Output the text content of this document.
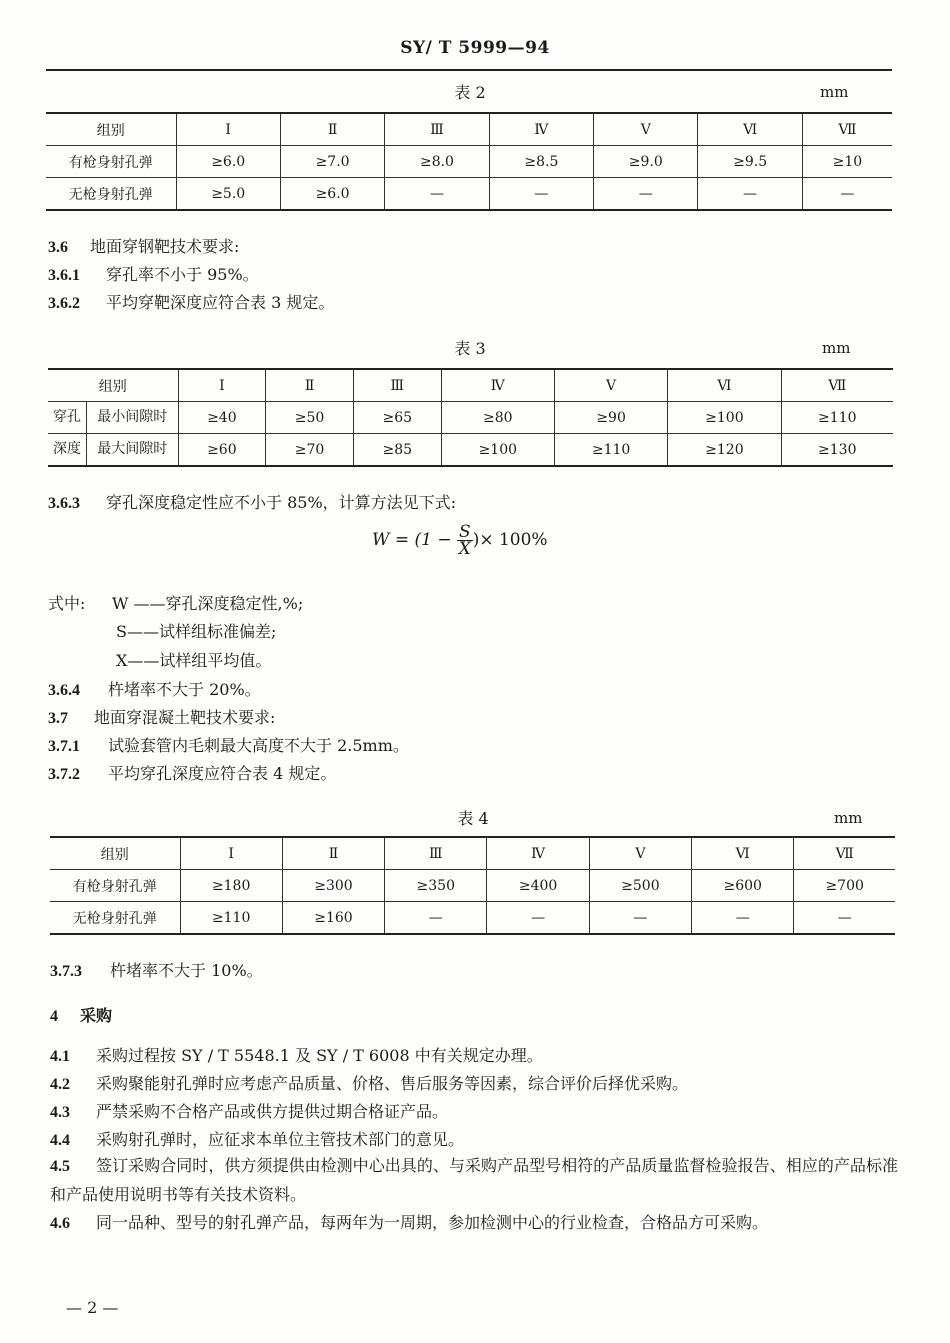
SY/ T 5999—94
表 2	mm
组别	Ⅰ	Ⅱ	Ⅲ	Ⅳ	Ⅴ	Ⅵ	Ⅶ
有枪身射孔弹	≥6.0	≥7.0	≥8.0	≥8.5	≥9.0	≥9.5	≥10
无枪身射孔弹	≥5.0	≥6.0	—	—	—	—	—
3.6 地面穿钢靶技术要求:
3.6.1 穿孔率不小于 95%。
3.6.2 平均穿靶深度应符合表 3 规定。
表 3	mm
组别	Ⅰ	Ⅱ	Ⅲ	Ⅳ	Ⅴ	Ⅵ	Ⅶ

穿孔 最小间隙时	≥40	≥50	≥65	≥80	≥90	≥100	≥110

深度 最大间隙时	≥60	≥70	≥85	≥100	≥110	≥120	≥130
3.6.3 穿孔深度稳定性应不小于 85%，计算方法见下式:
$W = (1 - \frac{S}{X}$ )× 100%
式中: W ——穿孔深度稳定性,%;
S——试样组标准偏差;
X——试样组平均值。
3.6.4 杵堵率不大于 20%。
3.7 地面穿混凝土靶技术要求:
3.7.1 试验套管内毛刺最大高度不大于 2.5mm。
3.7.2 平均穿孔深度应符合表 4 规定。
表 4	mm
组别	Ⅰ	Ⅱ	Ⅲ	Ⅳ	Ⅴ	Ⅵ	Ⅶ
有枪身射孔弹	≥180	≥300	≥350	≥400	≥500	≥600	≥700
无枪身射孔弹	≥110	≥160	—	—	—	—	—
3.7.3 杵堵率不大于 10%。
4 采购
4.1 采购过程按 SY / T 5548.1 及 SY / T 6008 中有关规定办理。
4.2 采购聚能射孔弹时应考虑产品质量、价格、售后服务等因素，综合评价后择优采购。
4.3 严禁采购不合格产品或供方提供过期合格证产品。
4.4 采购射孔弹时，应征求本单位主管技术部门的意见。
4.5 签订采购合同时，供方须提供由检测中心出具的、与采购产品型号相符的产品质量监督检验报告、相应的产品标准和产品使用说明书等有关技术资料。
4.6 同一品种、型号的射孔弹产品，每两年为一周期，参加检测中心的行业检查，合格品方可采购。
— 2 —
